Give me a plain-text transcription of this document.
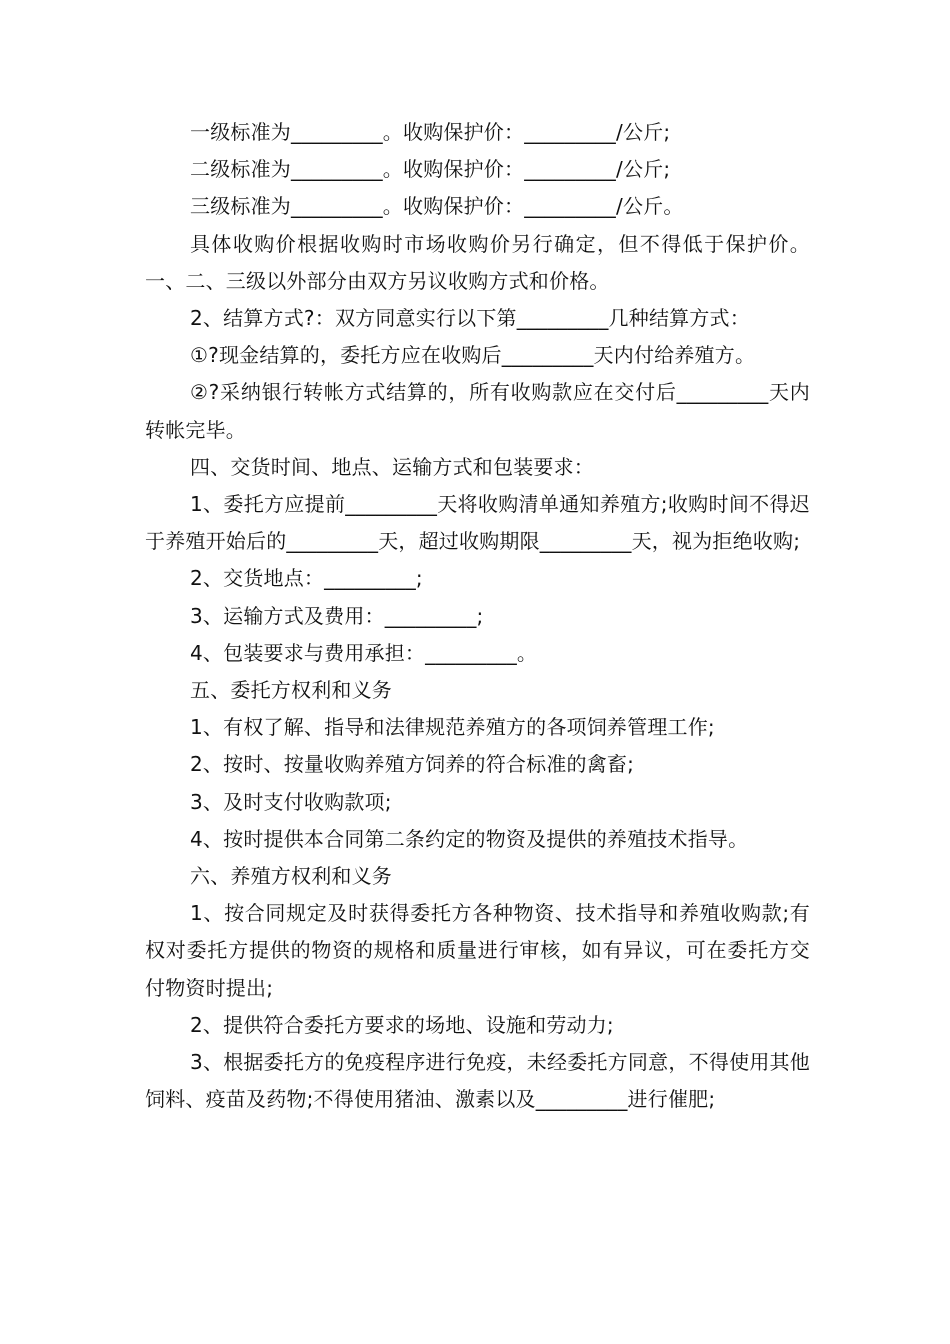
一级标准为_________。收购保护价：_________/公斤;

二级标准为_________。收购保护价：_________/公斤;

三级标准为_________。收购保护价：_________/公斤。

具体收购价根据收购时市场收购价另行确定，但不得低于保护价。一、二、三级以外部分由双方另议收购方式和价格。

2、结算方式?：双方同意实行以下第_________几种结算方式：

①?现金结算的，委托方应在收购后_________天内付给养殖方。

②?采纳银行转帐方式结算的，所有收购款应在交付后_________天内转帐完毕。

四、交货时间、地点、运输方式和包装要求：

1、委托方应提前_________天将收购清单通知养殖方;收购时间不得迟于养殖开始后的_________天，超过收购期限_________天，视为拒绝收购;

2、交货地点：_________;

3、运输方式及费用：_________;

4、包装要求与费用承担：_________。

五、委托方权利和义务

1、有权了解、指导和法律规范养殖方的各项饲养管理工作;

2、按时、按量收购养殖方饲养的符合标准的禽畜;

3、及时支付收购款项;

4、按时提供本合同第二条约定的物资及提供的养殖技术指导。

六、养殖方权利和义务

1、按合同规定及时获得委托方各种物资、技术指导和养殖收购款;有权对委托方提供的物资的规格和质量进行审核，如有异议，可在委托方交付物资时提出;

2、提供符合委托方要求的场地、设施和劳动力;

3、根据委托方的免疫程序进行免疫，未经委托方同意，不得使用其他饲料、疫苗及药物;不得使用猪油、激素以及_________进行催肥;
